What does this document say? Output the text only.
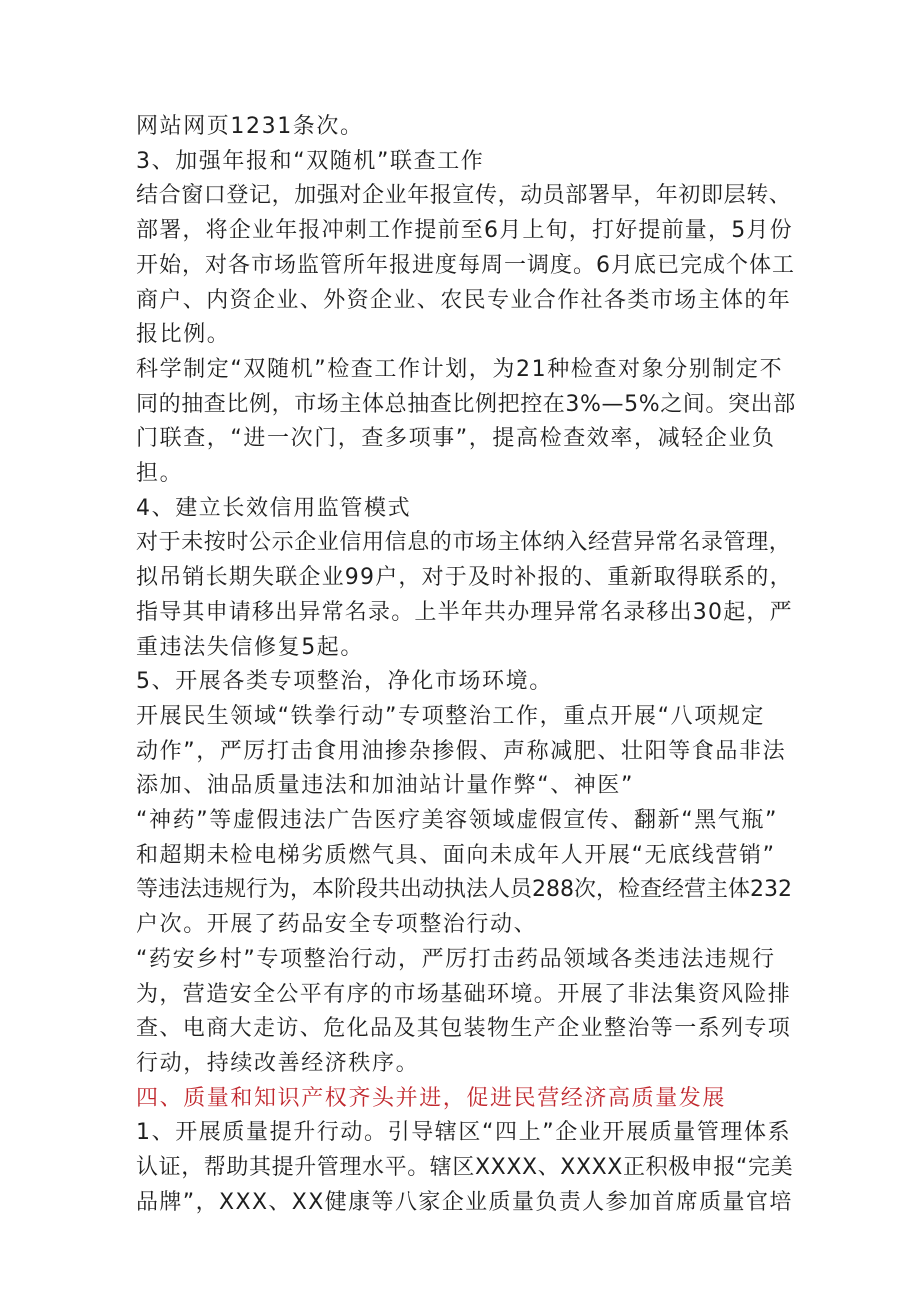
网站网页1231条次。
3、加强年报和“双随机”联查工作
结合窗口登记，加强对企业年报宣传，动员部署早，年初即层转、
部署，将企业年报冲刺工作提前至6月上旬，打好提前量，5月份
开始，对各市场监管所年报进度每周一调度。6月底已完成个体工
商户、内资企业、外资企业、农民专业合作社各类市场主体的年
报比例。
科学制定“双随机”检查工作计划，为21种检查对象分别制定不
同的抽查比例，市场主体总抽查比例把控在3%—5%之间。突出部
门联查，“进一次门，查多项事”，提高检查效率，减轻企业负
担。
4、建立长效信用监管模式
对于未按时公示企业信用信息的市场主体纳入经营异常名录管理，
拟吊销长期失联企业99户，对于及时补报的、重新取得联系的，
指导其申请移出异常名录。上半年共办理异常名录移出30起，严
重违法失信修复5起。
5、开展各类专项整治，净化市场环境。
开展民生领域“铁拳行动”专项整治工作，重点开展“八项规定
动作”，严厉打击食用油掺杂掺假、声称减肥、壮阳等食品非法
添加、油品质量违法和加油站计量作弊“、神医”
“神药”等虚假违法广告医疗美容领域虚假宣传、翻新“黑气瓶”
和超期未检电梯劣质燃气具、面向未成年人开展“无底线营销”
等违法违规行为，本阶段共出动执法人员288次，检查经营主体232
户次。开展了药品安全专项整治行动、
“药安乡村”专项整治行动，严厉打击药品领域各类违法违规行
为，营造安全公平有序的市场基础环境。开展了非法集资风险排
查、电商大走访、危化品及其包装物生产企业整治等一系列专项
行动，持续改善经济秩序。
四、质量和知识产权齐头并进，促进民营经济高质量发展
1、开展质量提升行动。引导辖区“四上”企业开展质量管理体系
认证，帮助其提升管理水平。辖区XXXX、XXXX正积极申报“完美
品牌”，XXX、XX健康等八家企业质量负责人参加首席质量官培
